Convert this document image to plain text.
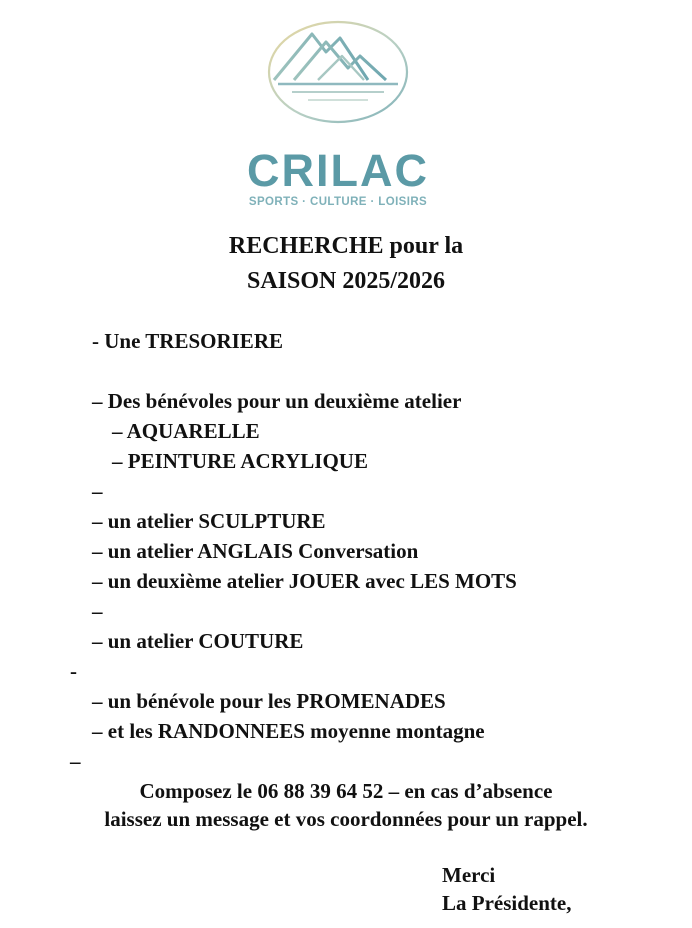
CRILAC
SPORTS · CULTURE · LOISIRS
RECHERCHE pour la
SAISON 2025/2026
- Une TRESORIERE
– Des bénévoles pour un deuxième atelier
– AQUARELLE
– PEINTURE ACRYLIQUE
–
– un atelier SCULPTURE
– un atelier ANGLAIS Conversation
– un deuxième atelier JOUER avec LES MOTS
–
– un atelier COUTURE
-
– un bénévole pour les PROMENADES
– et les RANDONNEES moyenne montagne
–
Composez le 06 88 39 64 52 – en cas d’absence
laissez un message et vos coordonnées pour un rappel.
Merci
La Présidente,
